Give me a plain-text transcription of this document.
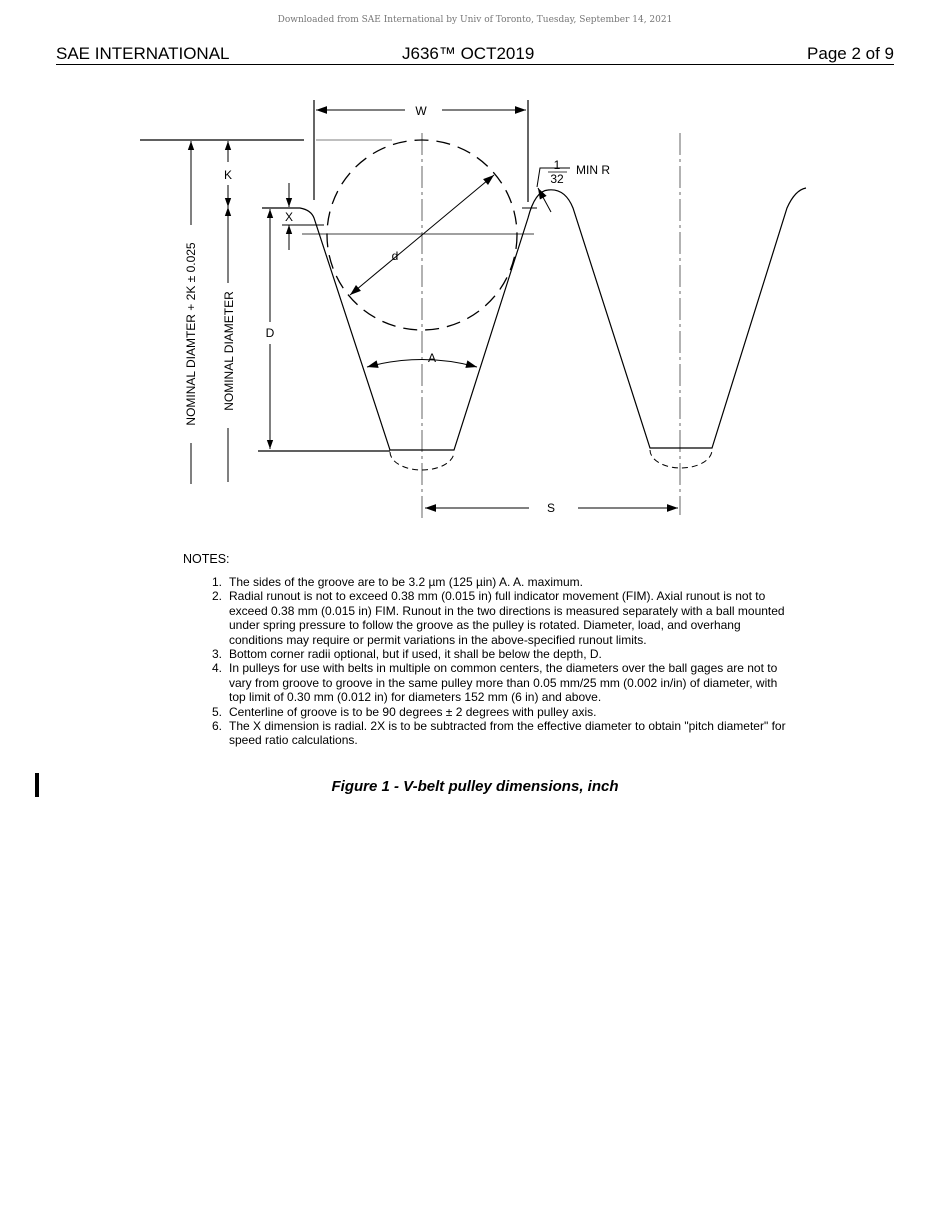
Downloaded from SAE International by Univ of Toronto, Tuesday, September 14, 2021
SAE INTERNATIONAL	J636™ OCT2019	Page 2 of 9
W
K
X
d
D
A
S
1
32
MIN R
NOMINAL DIAMTER + 2K ± 0.025 NOMINAL DIAMETER
NOTES:
1. The sides of the groove are to be 3.2 µm (125 µin) A. A. maximum.
2. Radial runout is not to exceed 0.38 mm (0.015 in) full indicator movement (FIM). Axial runout is not to exceed 0.38 mm (0.015 in) FIM. Runout in the two directions is measured separately with a ball mounted under spring pressure to follow the groove as the pulley is rotated. Diameter, load, and overhang conditions may require or permit variations in the above-specified runout limits.
3. Bottom corner radii optional, but if used, it shall be below the depth, D.
4. In pulleys for use with belts in multiple on common centers, the diameters over the ball gages are not to vary from groove to groove in the same pulley more than 0.05 mm/25 mm (0.002 in/in) of diameter, with top limit of 0.30 mm (0.012 in) for diameters 152 mm (6 in) and above.
5. Centerline of groove is to be 90 degrees ± 2 degrees with pulley axis.
6. The X dimension is radial. 2X is to be subtracted from the effective diameter to obtain "pitch diameter" for speed ratio calculations.
Figure 1 - V-belt pulley dimensions, inch
